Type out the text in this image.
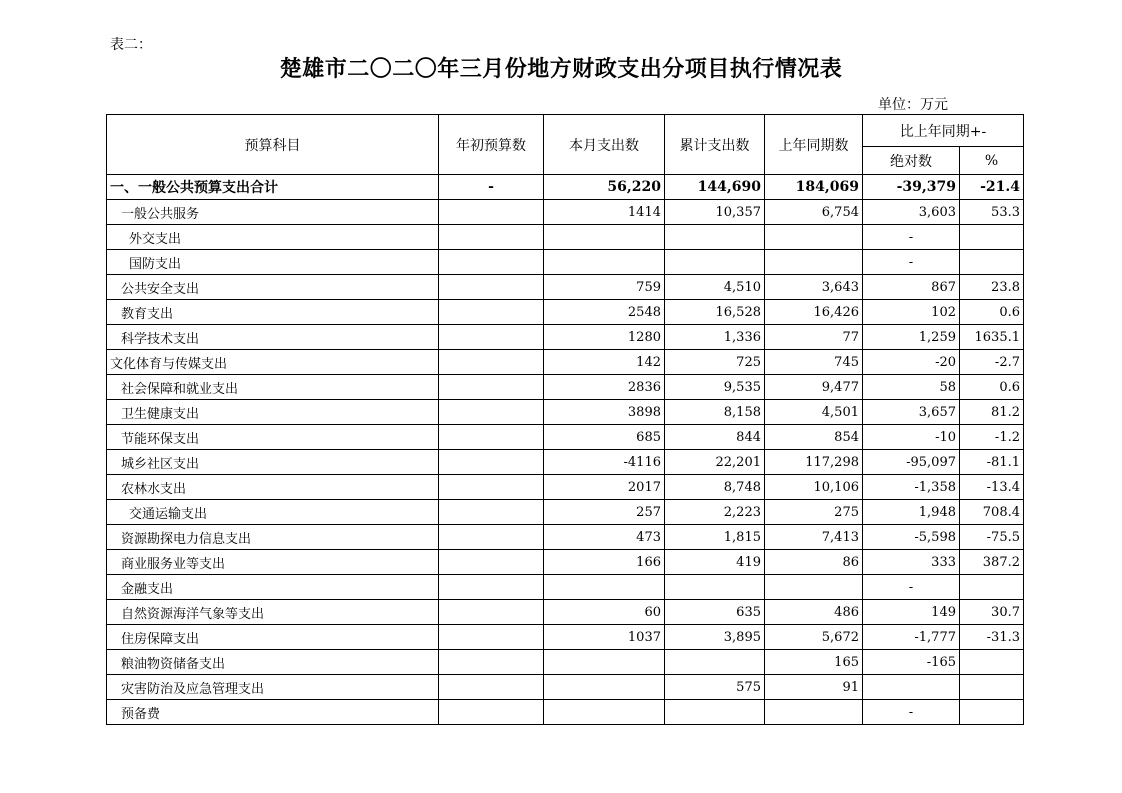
表二：
楚雄市二〇二〇年三月份地方财政支出分项目执行情况表
单位：万元
预算科目	年初预算数	本月支出数	累计支出数	上年同期数	比上年同期+-	
					绝对数	%
一、一般公共预算支出合计	-	56,220	144,690	184,069	-39,379	-21.4
一般公共服务		1414	10,357	6,754	3,603	53.3
外交支出					-	
国防支出					-	
公共安全支出		759	4,510	3,643	867	23.8
教育支出		2548	16,528	16,426	102	0.6
科学技术支出		1280	1,336	77	1,259	1635.1
文化体育与传媒支出		142	725	745	-20	-2.7
社会保障和就业支出		2836	9,535	9,477	58	0.6
卫生健康支出		3898	8,158	4,501	3,657	81.2
节能环保支出		685	844	854	-10	-1.2
城乡社区支出		-4116	22,201	117,298	-95,097	-81.1
农林水支出		2017	8,748	10,106	-1,358	-13.4
交通运输支出		257	2,223	275	1,948	708.4
资源勘探电力信息支出		473	1,815	7,413	-5,598	-75.5
商业服务业等支出		166	419	86	333	387.2
金融支出					-	
自然资源海洋气象等支出		60	635	486	149	30.7
住房保障支出		1037	3,895	5,672	-1,777	-31.3
粮油物资储备支出				165	-165	
灾害防治及应急管理支出			575	91		
预备费					-	
